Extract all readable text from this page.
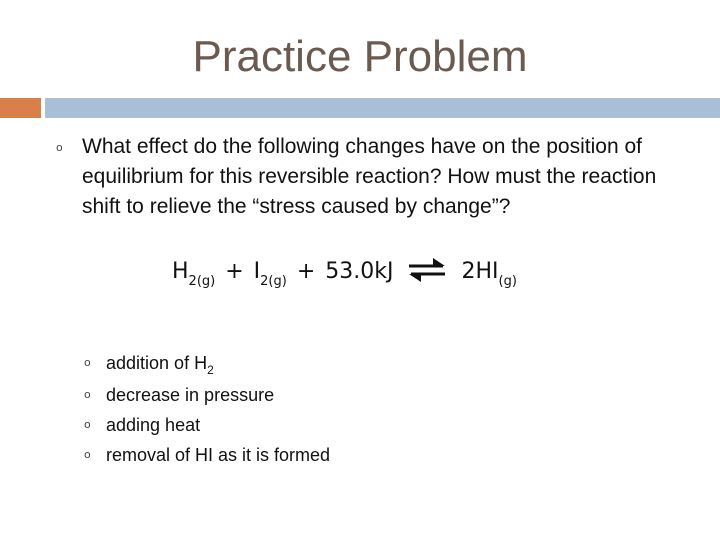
Practice Problem
o What effect do the following changes have on the position of equilibrium for this reversible reaction? How must the reaction shift to relieve the “stress caused by change”?
H 2(g) + I 2(g) + 53.0kJ ⇌ 2HI (g)
o addition of $H_2$
o decrease in pressure
o adding heat
o removal of HI as it is formed
